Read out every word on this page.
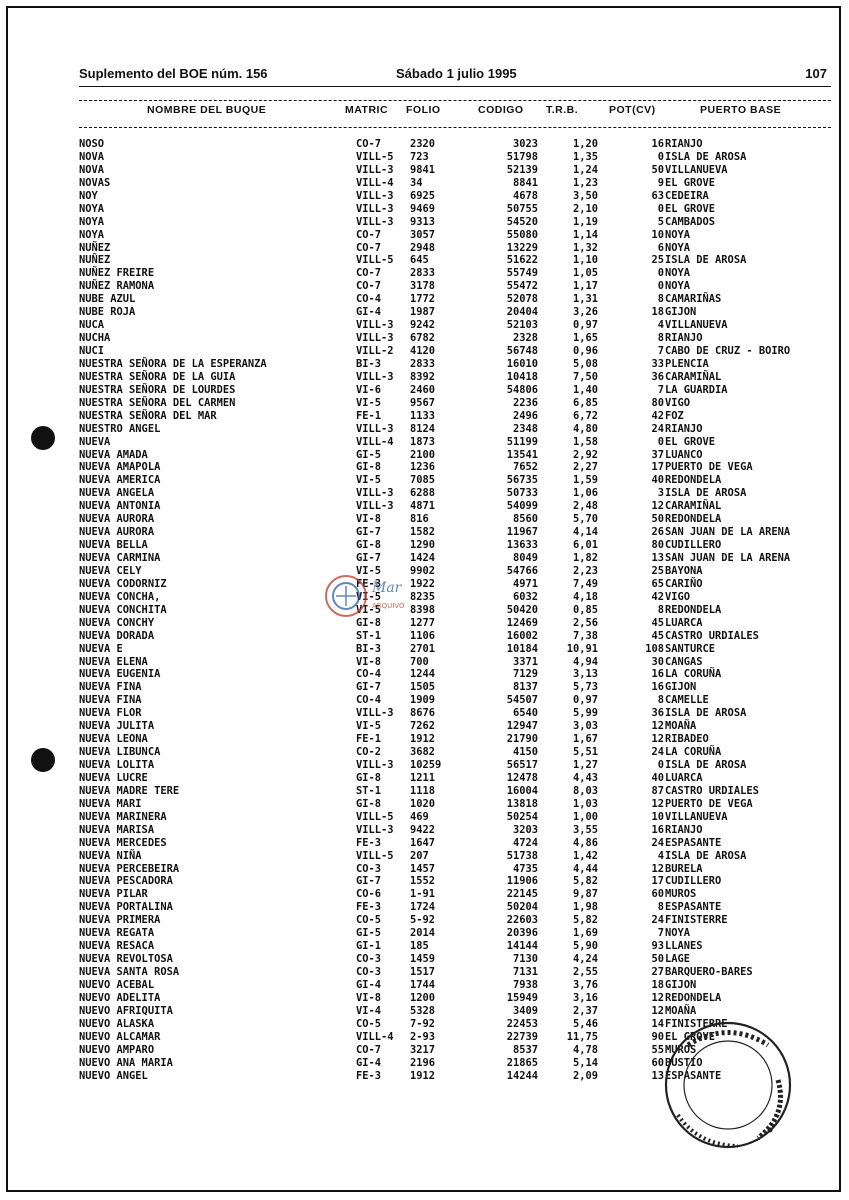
Suplemento del BOE núm. 156	Sábado 1 julio 1995	107
NOMBRE DEL BUQUE	MATRIC FOLIO	CODIGO T.R.B.	POT(CV)	PUERTO BASE
NOSO	CO-7	2320	3023	1,20	16 RIANJO
NOVA	VILL-5 723	51798	1,35	0 ISLA DE AROSA
NOVA	VILL-3 9841	52139	1,24	50 VILLANUEVA
NOVAS	VILL-4 34	8841	1,23	9 EL GROVE
NOY	VILL-3 6925	4678	3,50	63 CEDEIRA
NOYA	VILL-3 9469	50755	2,10	0 EL GROVE
NOYA	VILL-3 9313	54520	1,19	5 CAMBADOS
NOYA	CO-7	3057	55080	1,14	10 NOYA
NUÑEZ	CO-7	2948	13229	1,32	6 NOYA
NUÑEZ	VILL-5 645	51622	1,10	25 ISLA DE AROSA
NUÑEZ FREIRE	CO-7	2833	55749	1,05	0 NOYA
NUÑEZ RAMONA	CO-7	3178	55472	1,17	0 NOYA
NUBE AZUL	CO-4	1772	52078	1,31	8 CAMARIÑAS
NUBE ROJA	GI-4	1987	20404	3,26	18 GIJON
NUCA	VILL-3 9242	52103	0,97	4 VILLANUEVA
NUCHA	VILL-3 6782	2328	1,65	8 RIANJO
NUCI	VILL-2 4120	56748	0,96	7 CABO DE CRUZ - BOIRO
NUESTRA SEÑORA DE LA ESPERANZA	BI-3	2833	16010	5,08	33 PLENCIA
NUESTRA SEÑORA DE LA GUIA	VILL-3 8392	10418	7,50	36 CARAMIÑAL
NUESTRA SEÑORA DE LOURDES	VI-6	2460	54806	1,40	7 LA GUARDIA
NUESTRA SEÑORA DEL CARMEN	VI-5	9567	2236	6,85	80 VIGO
NUESTRA SEÑORA DEL MAR	FE-1	1133	2496	6,72	42 FOZ
NUESTRO ANGEL	VILL-3 8124	2348	4,80	24 RIANJO
NUEVA	VILL-4 1873	51199	1,58	0 EL GROVE
NUEVA AMADA	GI-5	2100	13541	2,92	37 LUANCO
NUEVA AMAPOLA	GI-8	1236	7652	2,27	17 PUERTO DE VEGA
NUEVA AMERICA	VI-5	7085	56735	1,59	40 REDONDELA
NUEVA ANGELA	VILL-3 6288	50733	1,06	3 ISLA DE AROSA
NUEVA ANTONIA	VILL-3 4871	54099	2,48	12 CARAMIÑAL
NUEVA AURORA	VI-8	816	8560	5,70	50 REDONDELA
NUEVA AURORA	GI-7	1582	11967	4,14	26 SAN JUAN DE LA ARENA
NUEVA BELLA	GI-8	1290	13633	6,01	80 CUDILLERO
NUEVA CARMINA	GI-7	1424	8049	1,82	13 SAN JUAN DE LA ARENA
NUEVA CELY	VI-5	9902	54766	2,23	25 BAYONA
NUEVA CODORNIZ	FE-3	1922	4971	7,49	65 CARIÑO
NUEVA CONCHA,	VI-5	8235	6032	4,18	42 VIGO
NUEVA CONCHITA	VI-5	8398	50420	0,85	8 REDONDELA
NUEVA CONCHY	GI-8	1277	12469	2,56	45 LUARCA
NUEVA DORADA	ST-1	1106	16002	7,38	45 CASTRO URDIALES
NUEVA E	BI-3	2701	10184	10,91	108 SANTURCE
NUEVA ELENA	VI-8	700	3371	4,94	30 CANGAS
NUEVA EUGENIA	CO-4	1244	7129	3,13	16 LA CORUÑA
NUEVA FINA	GI-7	1505	8137	5,73	16 GIJON
NUEVA FINA	CO-4	1909	54507	0,97	8 CAMELLE
NUEVA FLOR	VILL-3 8676	6540	5,99	36 ISLA DE AROSA
NUEVA JULITA	VI-5	7262	12947	3,03	12 MOAÑA
NUEVA LEONA	FE-1	1912	21790	1,67	12 RIBADEO
NUEVA LIBUNCA	CO-2	3682	4150	5,51	24 LA CORUÑA
NUEVA LOLITA	VILL-3 10259	56517	1,27	0 ISLA DE AROSA
NUEVA LUCRE	GI-8	1211	12478	4,43	40 LUARCA
NUEVA MADRE TERE	ST-1	1118	16004	8,03	87 CASTRO URDIALES
NUEVA MARI	GI-8	1020	13818	1,03	12 PUERTO DE VEGA
NUEVA MARINERA	VILL-5 469	50254	1,00	10 VILLANUEVA
NUEVA MARISA	VILL-3 9422	3203	3,55	16 RIANJO
NUEVA MERCEDES	FE-3	1647	4724	4,86	24 ESPASANTE
NUEVA NIÑA	VILL-5 207	51738	1,42	4 ISLA DE AROSA
NUEVA PERCEBEIRA	CO-3	1457	4735	4,44	12 BURELA
NUEVA PESCADORA	GI-7	1552	11906	5,82	17 CUDILLERO
NUEVA PILAR	CO-6	1-91	22145	9,87	60 MUROS
NUEVA PORTALINA	FE-3	1724	50204	1,98	8 ESPASANTE
NUEVA PRIMERA	CO-5	5-92	22603	5,82	24 FINISTERRE
NUEVA REGATA	GI-5	2014	20396	1,69	7 NOYA
NUEVA RESACA	GI-1	185	14144	5,90	93 LLANES
NUEVA REVOLTOSA	CO-3	1459	7130	4,24	50 LAGE
NUEVA SANTA ROSA	CO-3	1517	7131	2,55	27 BARQUERO-BARES
NUEVO ACEBAL	GI-4	1744	7938	3,76	18 GIJON
NUEVO ADELITA	VI-8	1200	15949	3,16	12 REDONDELA
NUEVO AFRIQUITA	VI-4	5328	3409	2,37	12 MOAÑA
NUEVO ALASKA	CO-5	7-92	22453	5,46	14 FINISTERRE
NUEVO ALCAMAR	VILL-4 2-93	22739	11,75	90 EL GROVE
NUEVO AMPARO	CO-7	3217	8537	4,78	55 MUROS
NUEVO ANA MARIA	GI-4	2196	21865	5,14	60 BUSTIO
NUEVO ANGEL	FE-3	1912	14244	2,09	13 ESPASANTE
Mar
ARQUIVO
